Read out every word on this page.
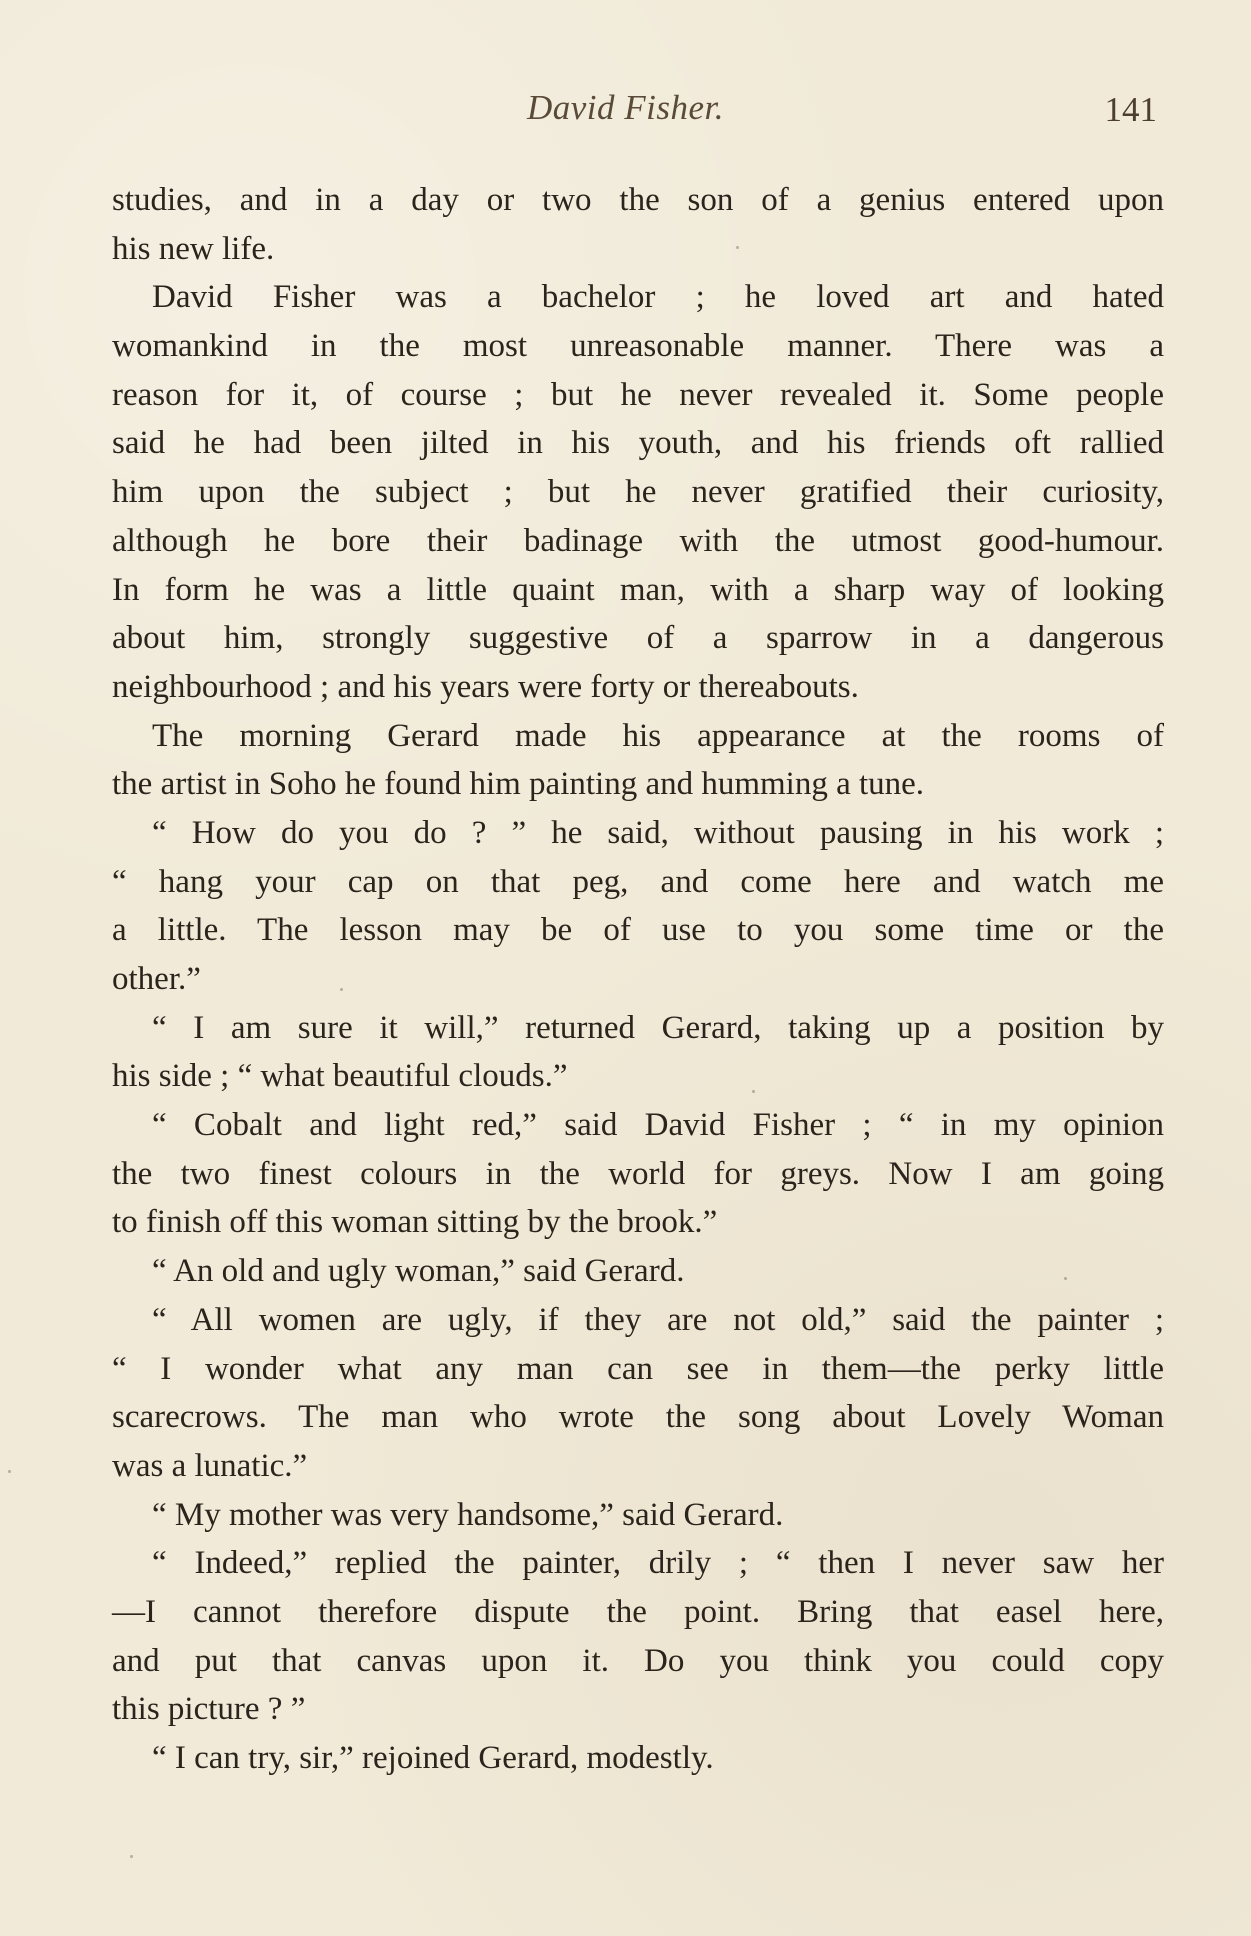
David Fisher.	141
studies, and in a day or two the son of a genius entered upon
his new life.
David Fisher was a bachelor ; he loved art and hated
womankind in the most unreasonable manner. There was a
reason for it, of course ; but he never revealed it. Some people
said he had been jilted in his youth, and his friends oft rallied
him upon the subject ; but he never gratified their curiosity,
although he bore their badinage with the utmost good-humour.
In form he was a little quaint man, with a sharp way of looking
about him, strongly suggestive of a sparrow in a dangerous
neighbourhood ; and his years were forty or thereabouts.
The morning Gerard made his appearance at the rooms of
the artist in Soho he found him painting and humming a tune.
“ How do you do ? ” he said, without pausing in his work ;
“ hang your cap on that peg, and come here and watch me
a little. The lesson may be of use to you some time or the
other.”
“ I am sure it will,” returned Gerard, taking up a position by
his side ; “ what beautiful clouds.”
“ Cobalt and light red,” said David Fisher ; “ in my opinion
the two finest colours in the world for greys. Now I am going
to finish off this woman sitting by the brook.”
“ An old and ugly woman,” said Gerard.
“ All women are ugly, if they are not old,” said the painter ;
“ I wonder what any man can see in them—the perky little
scarecrows. The man who wrote the song about Lovely Woman
was a lunatic.”
“ My mother was very handsome,” said Gerard.
“ Indeed,” replied the painter, drily ; “ then I never saw her
—I cannot therefore dispute the point. Bring that easel here,
and put that canvas upon it. Do you think you could copy
this picture ? ”
“ I can try, sir,” rejoined Gerard, modestly.
